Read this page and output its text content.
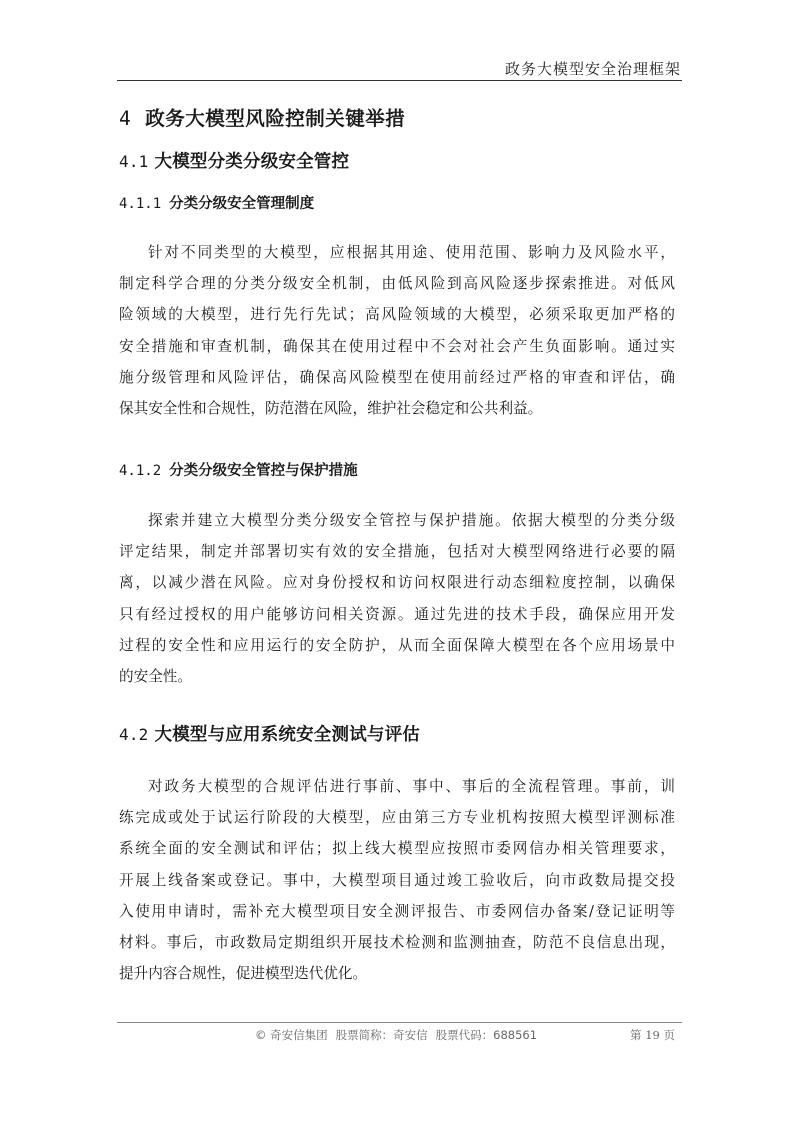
政务大模型安全治理框架
4 政务大模型风险控制关键举措
4.1 大模型分类分级安全管控
4.1.1 分类分级安全管理制度
针对不同类型的大模型，应根据其用途、使用范围、影响力及风险水平，
制定科学合理的分类分级安全机制，由低风险到高风险逐步探索推进。对低风
险领域的大模型，进行先行先试；高风险领域的大模型，必须采取更加严格的
安全措施和审查机制，确保其在使用过程中不会对社会产生负面影响。通过实
施分级管理和风险评估，确保高风险模型在使用前经过严格的审查和评估，确
保其安全性和合规性，防范潜在风险，维护社会稳定和公共利益。
4.1.2 分类分级安全管控与保护措施
探索并建立大模型分类分级安全管控与保护措施。依据大模型的分类分级
评定结果，制定并部署切实有效的安全措施，包括对大模型网络进行必要的隔
离，以减少潜在风险。应对身份授权和访问权限进行动态细粒度控制，以确保
只有经过授权的用户能够访问相关资源。通过先进的技术手段，确保应用开发
过程的安全性和应用运行的安全防护，从而全面保障大模型在各个应用场景中
的安全性。
4.2 大模型与应用系统安全测试与评估
对政务大模型的合规评估进行事前、事中、事后的全流程管理。事前，训
练完成或处于试运行阶段的大模型，应由第三方专业机构按照大模型评测标准
系统全面的安全测试和评估；拟上线大模型应按照市委网信办相关管理要求，
开展上线备案或登记。事中，大模型项目通过竣工验收后，向市政数局提交投
入使用申请时，需补充大模型项目安全测评报告、市委网信办备案/登记证明等
材料。事后，市政数局定期组织开展技术检测和监测抽查，防范不良信息出现，
提升内容合规性，促进模型迭代优化。
© 奇安信集团 股票简称：奇安信 股票代码：688561	第 19 页
